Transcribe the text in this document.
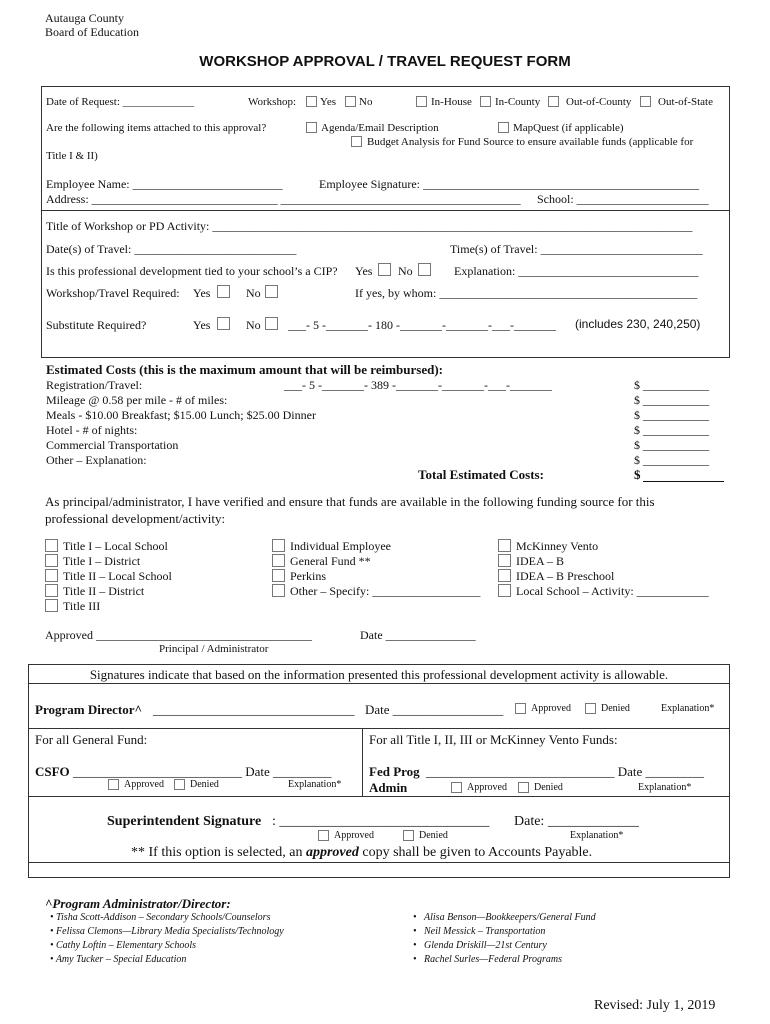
Autauga County
Board of Education
WORKSHOP APPROVAL / TRAVEL REQUEST FORM
Date of Request: _____________	Workshop: Yes No	In-House In-County Out-of-County Out-of-State
Are the following items attached to this approval?	Agenda/Email Description	MapQuest (if applicable)
Budget Analysis for Fund Source to ensure available funds (applicable for
Title I & II)
Employee Name: _________________________	Employee Signature: ______________________________________________
Address: _______________________________ ________________________________________ School: ______________________
Title of Workshop or PD Activity: ________________________________________________________________________________
Date(s) of Travel: ___________________________	Time(s) of Travel: ___________________________
Is this professional development tied to your school’s a CIP? Yes No	Explanation: ______________________________
Workshop/Travel Required: Yes	No	If yes, by whom: ___________________________________________
Substitute Required?	Yes	No ___- 5 -_______- 180 -_______-_______-___-_______ (includes 230, 240,250)
Estimated Costs (this is the maximum amount that will be reimbursed):
Registration/Travel:	___- 5 -_______- 389 -_______-_______-___-_______	$ ___________
Mileage @ 0.58 per mile - # of miles:	$ ___________
Meals - $10.00 Breakfast; $15.00 Lunch; $25.00 Dinner	$ ___________
Hotel - # of nights:	$ ___________
Commercial Transportation	$ ___________
Other – Explanation:	$ ___________
Total Estimated Costs:	$
As principal/administrator, I have verified and ensure that funds are available in the following funding source for this
professional development/activity:
Title I – Local School
Title I – District
Title II – Local School
Title II – District
Title III
Individual Employee
General Fund **
Perkins
Other – Specify: __________________
McKinney Vento
IDEA – B
IDEA – B Preschool
Local School – Activity: ____________
Approved ____________________________________	Date _______________
Principal / Administrator
Signatures indicate that based on the information presented this professional development activity is allowable.
Program Director^ _______________________________ Date _________________	Approved	Denied	Explanation*
For all General Fund:	For all Title I, II, III or McKinney Vento Funds:
CSFO __________________________ Date _________
Approved	Denied	Explanation*
Fed Prog _____________________________ Date _________
Admin	Approved	Denied	Explanation*
Superintendent Signature : ______________________________ Date: _____________
Approved	Denied	Explanation*
** If this option is selected, an approved copy shall be given to Accounts Payable.
^Program Administrator/Director:
• Tisha Scott-Addison – Secondary Schools/Counselors
• Felissa Clemons—Library Media Specialists/Technology
• Cathy Loftin – Elementary Schools
• Amy Tucker – Special Education
•   Alisa Benson—Bookkeepers/General Fund
•   Neil Messick – Transportation
•   Glenda Driskill—21st Century
•   Rachel Surles—Federal Programs
Revised: July 1, 2019
